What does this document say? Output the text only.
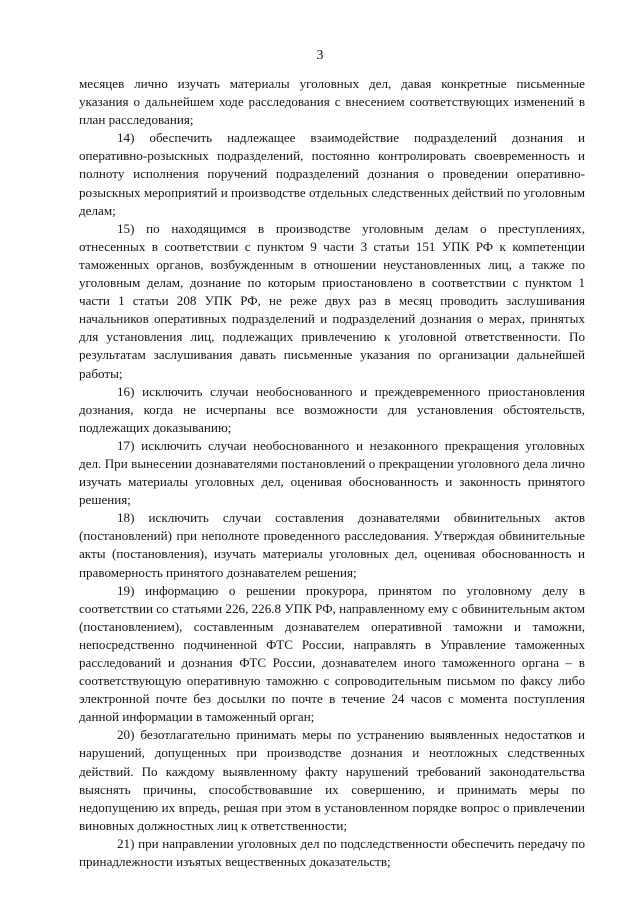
3

месяцев лично изучать материалы уголовных дел, давая конкретные письменные указания о дальнейшем ходе расследования с внесением соответствующих изменений в план расследования;

14) обеспечить надлежащее взаимодействие подразделений дознания и оперативно-розыскных подразделений, постоянно контролировать своевременность и полноту исполнения поручений подразделений дознания о проведении оперативно-розыскных мероприятий и производстве отдельных следственных действий по уголовным делам;

15) по находящимся в производстве уголовным делам о преступлениях, отнесенных в соответствии с пунктом 9 части 3 статьи 151 УПК РФ к компетенции таможенных органов, возбужденным в отношении неустановленных лиц, а также по уголовным делам, дознание по которым приостановлено в соответствии с пунктом 1 части 1 статьи 208 УПК РФ, не реже двух раз в месяц проводить заслушивания начальников оперативных подразделений и подразделений дознания о мерах, принятых для установления лиц, подлежащих привлечению к уголовной ответственности. По результатам заслушивания давать письменные указания по организации дальнейшей работы;

16) исключить случаи необоснованного и преждевременного приостановления дознания, когда не исчерпаны все возможности для установления обстоятельств, подлежащих доказыванию;

17) исключить случаи необоснованного и незаконного прекращения уголовных дел. При вынесении дознавателями постановлений о прекращении уголовного дела лично изучать материалы уголовных дел, оценивая обоснованность и законность принятого решения;

18) исключить случаи составления дознавателями обвинительных актов (постановлений) при неполноте проведенного расследования. Утверждая обвинительные акты (постановления), изучать материалы уголовных дел, оценивая обоснованность и правомерность принятого дознавателем решения;

19) информацию о решении прокурора, принятом по уголовному делу в соответствии со статьями 226, 226.8 УПК РФ, направленному ему с обвинительным актом (постановлением), составленным дознавателем оперативной таможни и таможни, непосредственно подчиненной ФТС России, направлять в Управление таможенных расследований и дознания ФТС России, дознавателем иного таможенного органа – в соответствующую оперативную таможню с сопроводительным письмом по факсу либо электронной почте без досылки по почте в течение 24 часов с момента поступления данной информации в таможенный орган;

20) безотлагательно принимать меры по устранению выявленных недостатков и нарушений, допущенных при производстве дознания и неотложных следственных действий. По каждому выявленному факту нарушений требований законодательства выяснять причины, способствовавшие их совершению, и принимать меры по недопущению их впредь, решая при этом в установленном порядке вопрос о привлечении виновных должностных лиц к ответственности;

21) при направлении уголовных дел по подследственности обеспечить передачу по принадлежности изъятых вещественных доказательств;
